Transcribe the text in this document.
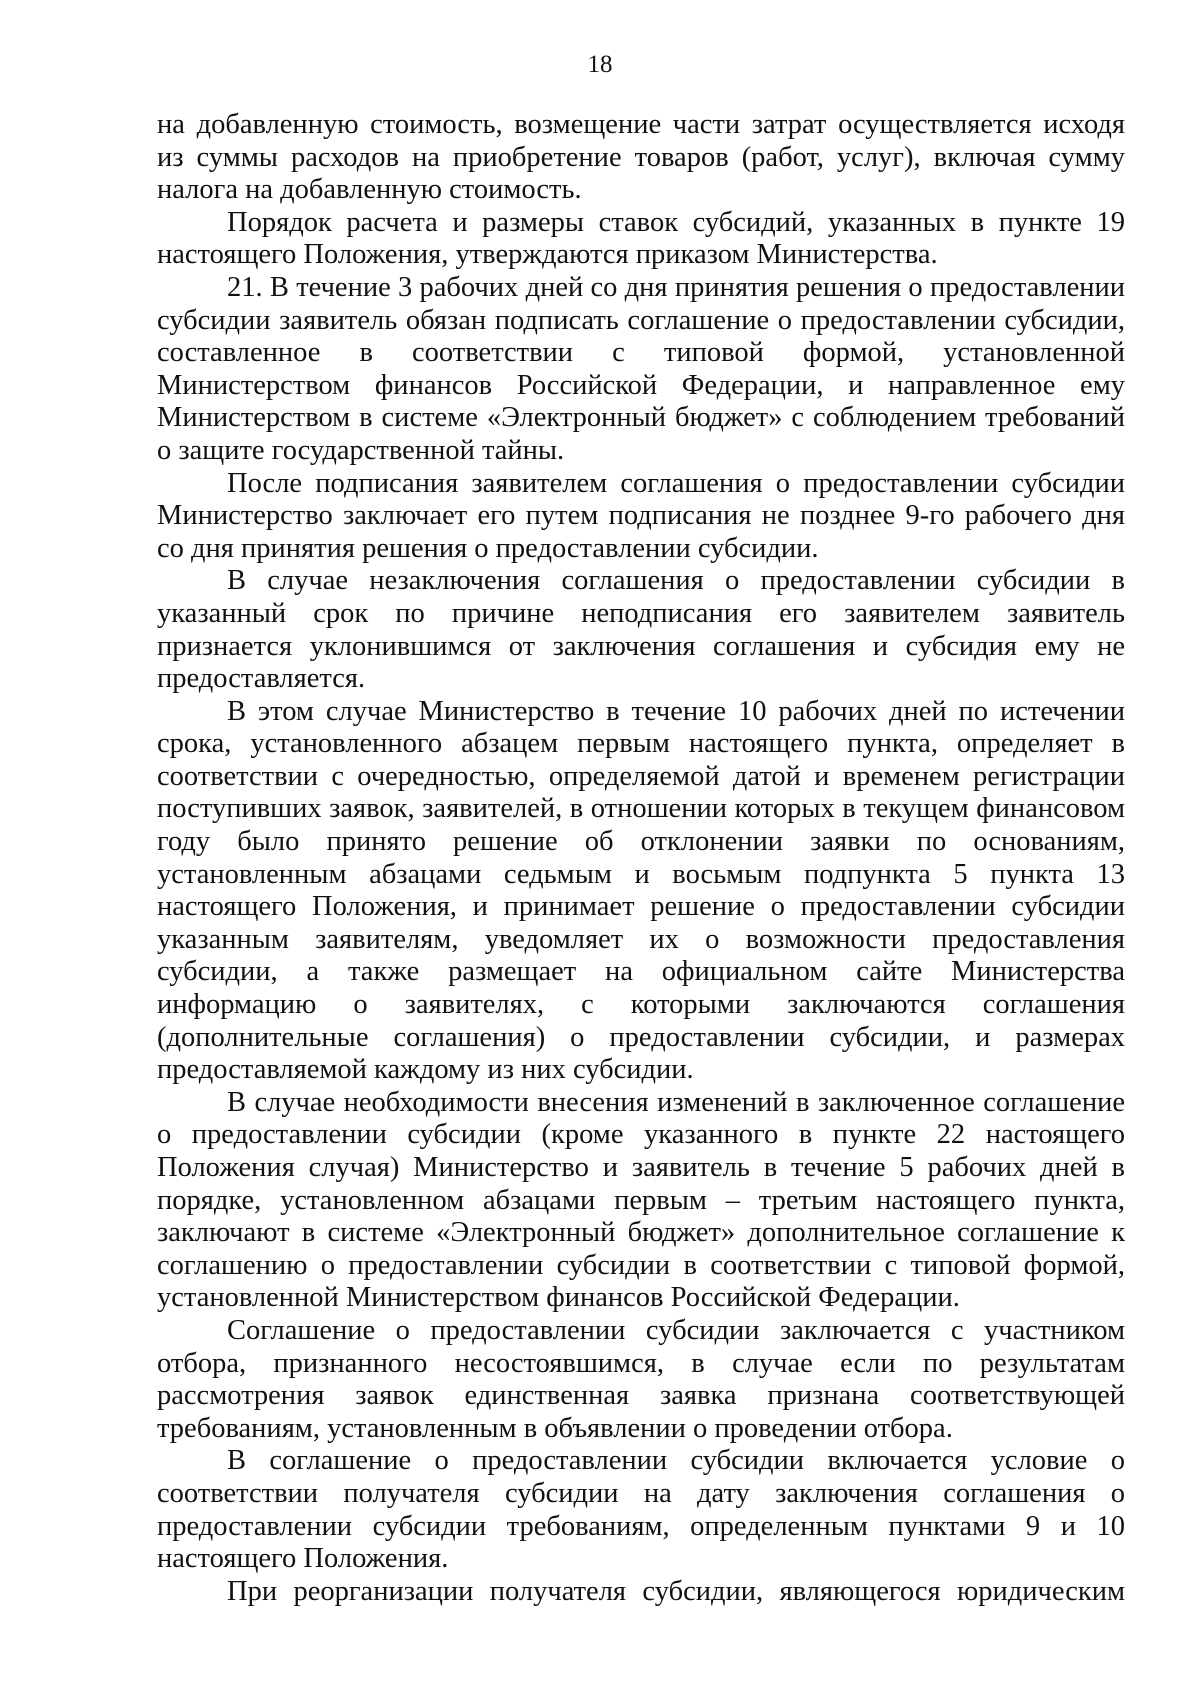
18

на добавленную стоимость, возмещение части затрат осуществляется исходя из суммы расходов на приобретение товаров (работ, услуг), включая сумму налога на добавленную стоимость.

Порядок расчета и размеры ставок субсидий, указанных в пункте 19 настоящего Положения, утверждаются приказом Министерства.

21. В течение 3 рабочих дней со дня принятия решения о предоставлении субсидии заявитель обязан подписать соглашение о предоставлении субсидии, составленное в соответствии с типовой формой, установленной Министерством финансов Российской Федерации, и направленное ему Министерством в системе «Электронный бюджет» с соблюдением требований о защите государственной тайны.

После подписания заявителем соглашения о предоставлении субсидии Министерство заключает его путем подписания не позднее 9-го рабочего дня со дня принятия решения о предоставлении субсидии.

В случае незаключения соглашения о предоставлении субсидии в указанный срок по причине неподписания его заявителем заявитель признается уклонившимся от заключения соглашения и субсидия ему не предоставляется.

В этом случае Министерство в течение 10 рабочих дней по истечении срока, установленного абзацем первым настоящего пункта, определяет в соответствии с очередностью, определяемой датой и временем регистрации поступивших заявок, заявителей, в отношении которых в текущем финансовом году было принято решение об отклонении заявки по основаниям, установленным абзацами седьмым и восьмым подпункта 5 пункта 13 настоящего Положения, и принимает решение о предоставлении субсидии указанным заявителям, уведомляет их о возможности предоставления субсидии, а также размещает на официальном сайте Министерства информацию о заявителях, с которыми заключаются соглашения (дополнительные соглашения) о предоставлении субсидии, и размерах предоставляемой каждому из них субсидии.

В случае необходимости внесения изменений в заключенное соглашение о предоставлении субсидии (кроме указанного в пункте 22 настоящего Положения случая) Министерство и заявитель в течение 5 рабочих дней в порядке, установленном абзацами первым – третьим настоящего пункта, заключают в системе «Электронный бюджет» дополнительное соглашение к соглашению о предоставлении субсидии в соответствии с типовой формой, установленной Министерством финансов Российской Федерации.

Соглашение о предоставлении субсидии заключается с участником отбора, признанного несостоявшимся, в случае если по результатам рассмотрения заявок единственная заявка признана соответствующей требованиям, установленным в объявлении о проведении отбора.

В соглашение о предоставлении субсидии включается условие о соответствии получателя субсидии на дату заключения соглашения о предоставлении субсидии требованиям, определенным пунктами 9 и 10 настоящего Положения.

При реорганизации получателя субсидии, являющегося юридическим
